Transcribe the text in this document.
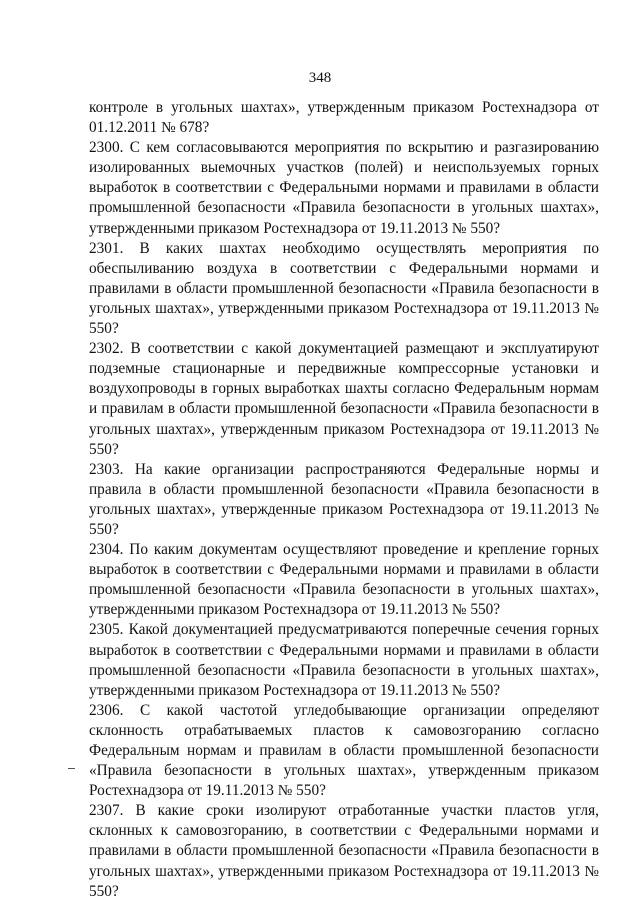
348

контроле в угольных шахтах», утвержденным приказом Ростехнадзора от 01.12.2011 № 678?

2300. С кем согласовываются мероприятия по вскрытию и разгазированию изолированных выемочных участков (полей) и неиспользуемых горных выработок в соответствии с Федеральными нормами и правилами в области промышленной безопасности «Правила безопасности в угольных шахтах», утвержденными приказом Ростехнадзора от 19.11.2013 № 550?

2301. В каких шахтах необходимо осуществлять мероприятия по обеспыливанию воздуха в соответствии с Федеральными нормами и правилами в области промышленной безопасности «Правила безопасности в угольных шахтах», утвержденными приказом Ростехнадзора от 19.11.2013 № 550?

2302. В соответствии с какой документацией размещают и эксплуатируют подземные стационарные и передвижные компрессорные установки и воздухопроводы в горных выработках шахты согласно Федеральным нормам и правилам в области промышленной безопасности «Правила безопасности в угольных шахтах», утвержденным приказом Ростехнадзора от 19.11.2013 № 550?

2303. На какие организации распространяются Федеральные нормы и правила в области промышленной безопасности «Правила безопасности в угольных шахтах», утвержденные приказом Ростехнадзора от 19.11.2013 № 550?

2304. По каким документам осуществляют проведение и крепление горных выработок в соответствии с Федеральными нормами и правилами в области промышленной безопасности «Правила безопасности в угольных шахтах», утвержденными приказом Ростехнадзора от 19.11.2013 № 550?

2305. Какой документацией предусматриваются поперечные сечения горных выработок в соответствии с Федеральными нормами и правилами в области промышленной безопасности «Правила безопасности в угольных шахтах», утвержденными приказом Ростехнадзора от 19.11.2013 № 550?

2306. С какой частотой угледобывающие организации определяют склонность отрабатываемых пластов к самовозгоранию согласно Федеральным нормам и правилам в области промышленной безопасности «Правила безопасности в угольных шахтах», утвержденным приказом Ростехнадзора от 19.11.2013 № 550?

2307. В какие сроки изолируют отработанные участки пластов угля, склонных к самовозгоранию, в соответствии с Федеральными нормами и правилами в области промышленной безопасности «Правила безопасности в угольных шахтах», утвержденными приказом Ростехнадзора от 19.11.2013 № 550?
